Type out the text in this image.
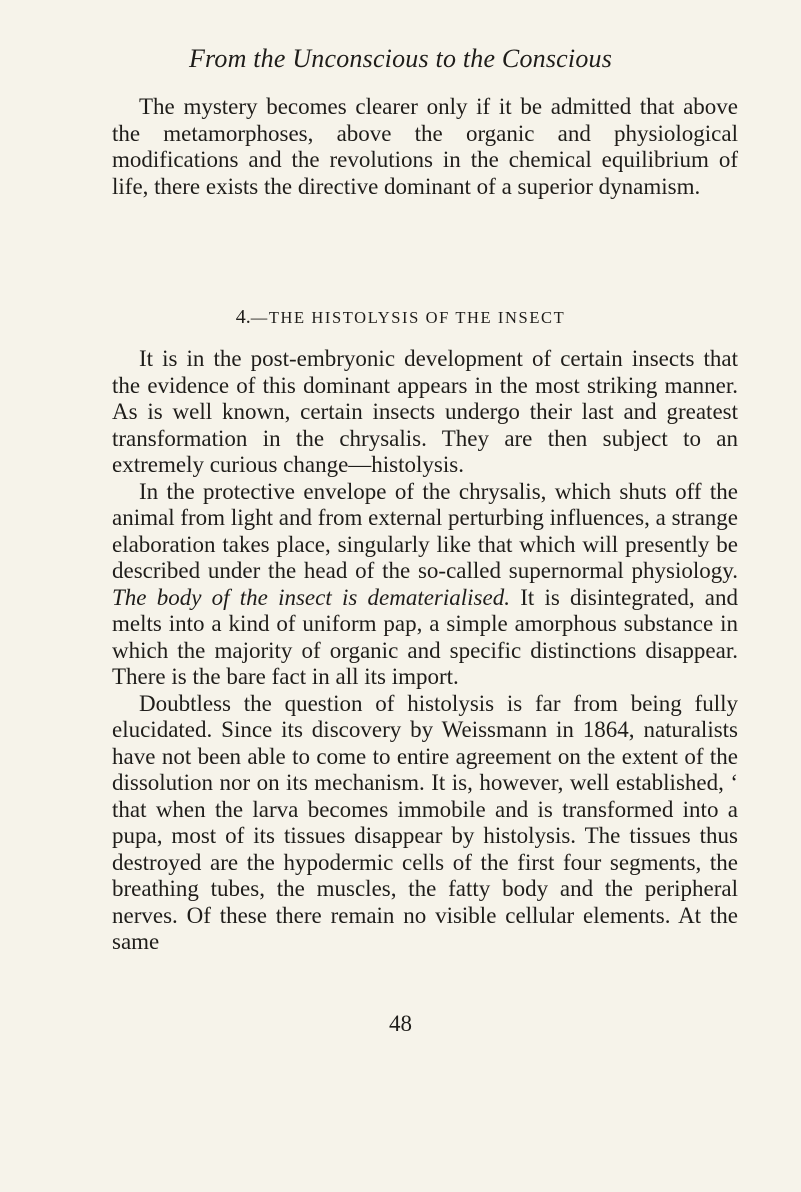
From the Unconscious to the Conscious

The mystery becomes clearer only if it be admitted that above the metamorphoses, above the organic and physiological modifications and the revolutions in the chemical equilibrium of life, there exists the directive dominant of a superior dynamism.

4.—THE HISTOLYSIS OF THE INSECT

It is in the post-embryonic development of certain insects that the evidence of this dominant appears in the most striking manner. As is well known, certain insects undergo their last and greatest transformation in the chrysalis. They are then subject to an extremely curious change—histolysis.

In the protective envelope of the chrysalis, which shuts off the animal from light and from external perturbing influences, a strange elaboration takes place, singularly like that which will presently be described under the head of the so-called supernormal physiology. The body of the insect is dematerialised. It is disintegrated, and melts into a kind of uniform pap, a simple amorphous substance in which the majority of organic and specific distinctions disappear. There is the bare fact in all its import.

Doubtless the question of histolysis is far from being fully elucidated. Since its discovery by Weissmann in 1864, naturalists have not been able to come to entire agreement on the extent of the dissolution nor on its mechanism. It is, however, well established, ‘ that when the larva becomes immobile and is transformed into a pupa, most of its tissues disappear by histolysis. The tissues thus destroyed are the hypodermic cells of the first four segments, the breathing tubes, the muscles, the fatty body and the peripheral nerves. Of these there remain no visible cellular elements. At the same

48
